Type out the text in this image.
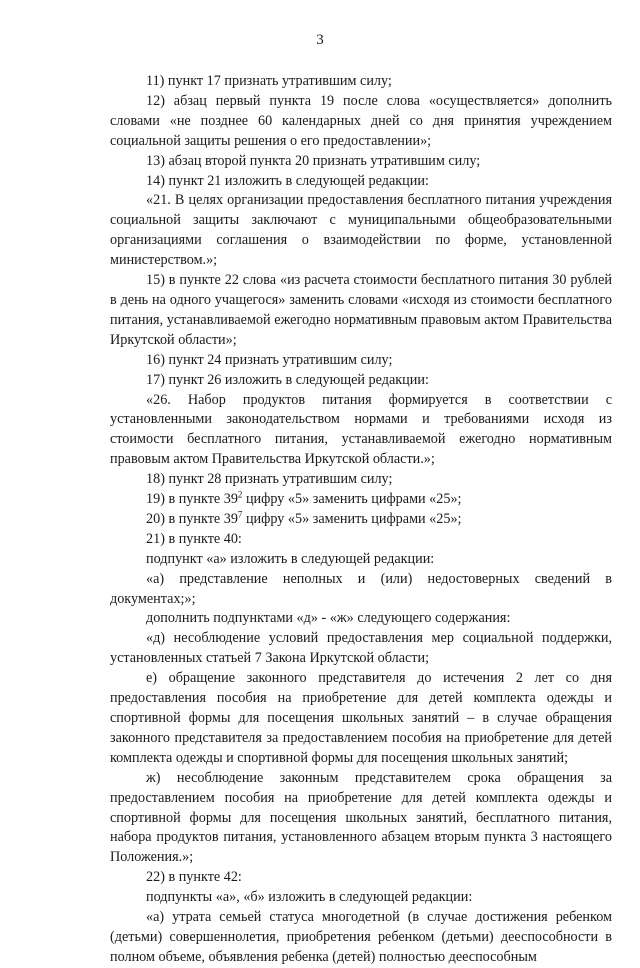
3

11) пункт 17 признать утратившим силу;

12) абзац первый пункта 19 после слова «осуществляется» дополнить словами «не позднее 60 календарных дней со дня принятия учреждением социальной защиты решения о его предоставлении»;

13) абзац второй пункта 20 признать утратившим силу;

14) пункт 21 изложить в следующей редакции:

«21. В целях организации предоставления бесплатного питания учреждения социальной защиты заключают с муниципальными общеобразовательными организациями соглашения о взаимодействии по форме, установленной министерством.»;

15) в пункте 22 слова «из расчета стоимости бесплатного питания 30 рублей в день на одного учащегося» заменить словами «исходя из стоимости бесплатного питания, устанавливаемой ежегодно нормативным правовым актом Правительства Иркутской области»;

16) пункт 24 признать утратившим силу;

17) пункт 26 изложить в следующей редакции:

«26. Набор продуктов питания формируется в соответствии с установленными законодательством нормами и требованиями исходя из стоимости бесплатного питания, устанавливаемой ежегодно нормативным правовым актом Правительства Иркутской области.»;

18) пункт 28 признать утратившим силу;

19) в пункте $39^2$ цифру «5» заменить цифрами «25»;

20) в пункте $39^7$ цифру «5» заменить цифрами «25»;

21) в пункте 40:

подпункт «а» изложить в следующей редакции:

«а) представление неполных и (или) недостоверных сведений в документах;»;

дополнить подпунктами «д» - «ж» следующего содержания:

«д) несоблюдение условий предоставления мер социальной поддержки, установленных статьей 7 Закона Иркутской области;

е) обращение законного представителя до истечения 2 лет со дня предоставления пособия на приобретение для детей комплекта одежды и спортивной формы для посещения школьных занятий – в случае обращения законного представителя за предоставлением пособия на приобретение для детей комплекта одежды и спортивной формы для посещения школьных занятий;

ж) несоблюдение законным представителем срока обращения за предоставлением пособия на приобретение для детей комплекта одежды и спортивной формы для посещения школьных занятий, бесплатного питания, набора продуктов питания, установленного абзацем вторым пункта 3 настоящего Положения.»;

22) в пункте 42:

подпункты «а», «б» изложить в следующей редакции:

«а) утрата семьей статуса многодетной (в случае достижения ребенком (детьми) совершеннолетия, приобретения ребенком (детьми) дееспособности в полном объеме, объявления ребенка (детей) полностью дееспособным
